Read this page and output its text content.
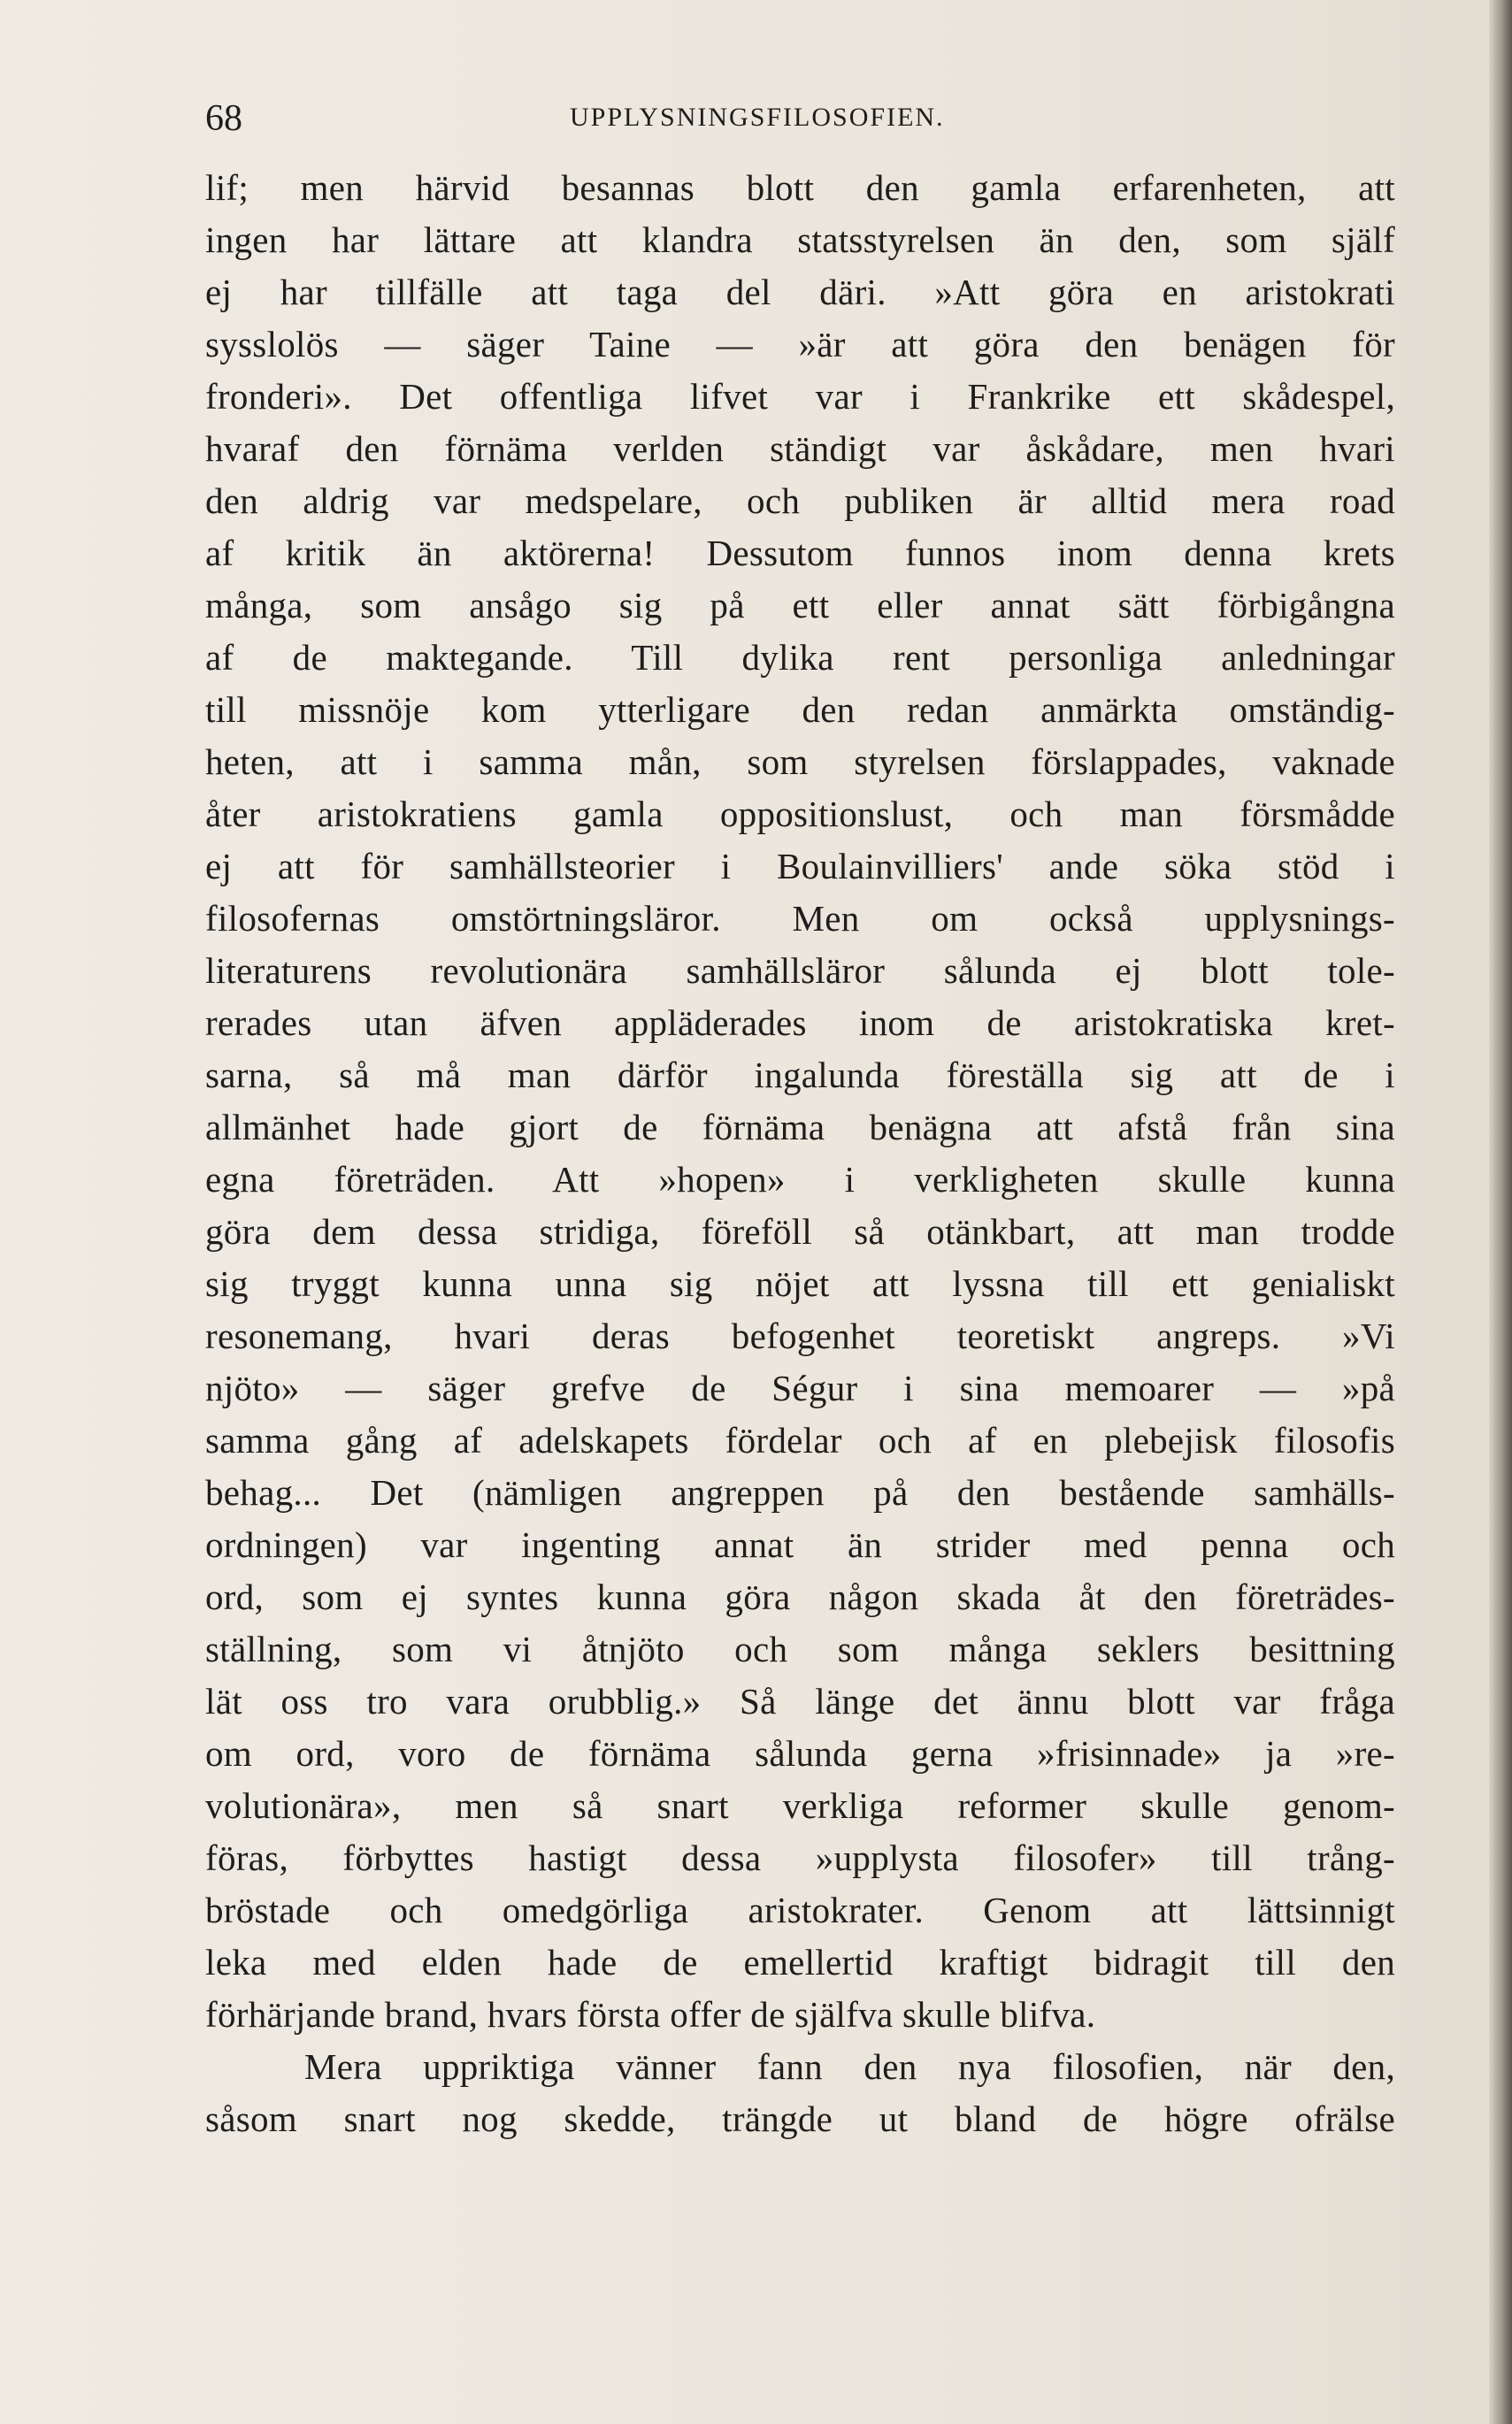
68	UPPLYSNINGSFILOSOFIEN.
lif; men härvid besannas blott den gamla erfarenheten, att
ingen har lättare att klandra statsstyrelsen än den, som själf
ej har tillfälle att taga del däri. »Att göra en aristokrati
sysslolös — säger Taine — »är att göra den benägen för
fronderi». Det offentliga lifvet var i Frankrike ett skådespel,
hvaraf den förnäma verlden ständigt var åskådare, men hvari
den aldrig var medspelare, och publiken är alltid mera road
af kritik än aktörerna! Dessutom funnos inom denna krets
många, som ansågo sig på ett eller annat sätt förbigångna
af de maktegande. Till dylika rent personliga anledningar
till missnöje kom ytterligare den redan anmärkta omständig-
heten, att i samma mån, som styrelsen förslappades, vaknade
åter aristokratiens gamla oppositionslust, och man försmådde
ej att för samhällsteorier i Boulainvilliers' ande söka stöd i
filosofernas omstörtningsläror. Men om också upplysnings-
literaturens revolutionära samhällsläror sålunda ej blott tole-
rerades utan äfven appläderades inom de aristokratiska kret-
sarna, så må man därför ingalunda föreställa sig att de i
allmänhet hade gjort de förnäma benägna att afstå från sina
egna företräden. Att »hopen» i verkligheten skulle kunna
göra dem dessa stridiga, föreföll så otänkbart, att man trodde
sig tryggt kunna unna sig nöjet att lyssna till ett genialiskt
resonemang, hvari deras befogenhet teoretiskt angreps. »Vi
njöto» — säger grefve de Ségur i sina memoarer — »på
samma gång af adelskapets fördelar och af en plebejisk filosofis
behag... Det (nämligen angreppen på den bestående samhälls-
ordningen) var ingenting annat än strider med penna och
ord, som ej syntes kunna göra någon skada åt den företrädes-
ställning, som vi åtnjöto och som många seklers besittning
lät oss tro vara orubblig.» Så länge det ännu blott var fråga
om ord, voro de förnäma sålunda gerna »frisinnade» ja »re-
volutionära», men så snart verkliga reformer skulle genom-
föras, förbyttes hastigt dessa »upplysta filosofer» till trång-
bröstade och omedgörliga aristokrater. Genom att lättsinnigt
leka med elden hade de emellertid kraftigt bidragit till den
förhärjande brand, hvars första offer de själfva skulle blifva.
Mera uppriktiga vänner fann den nya filosofien, när den,
såsom snart nog skedde, trängde ut bland de högre ofrälse
